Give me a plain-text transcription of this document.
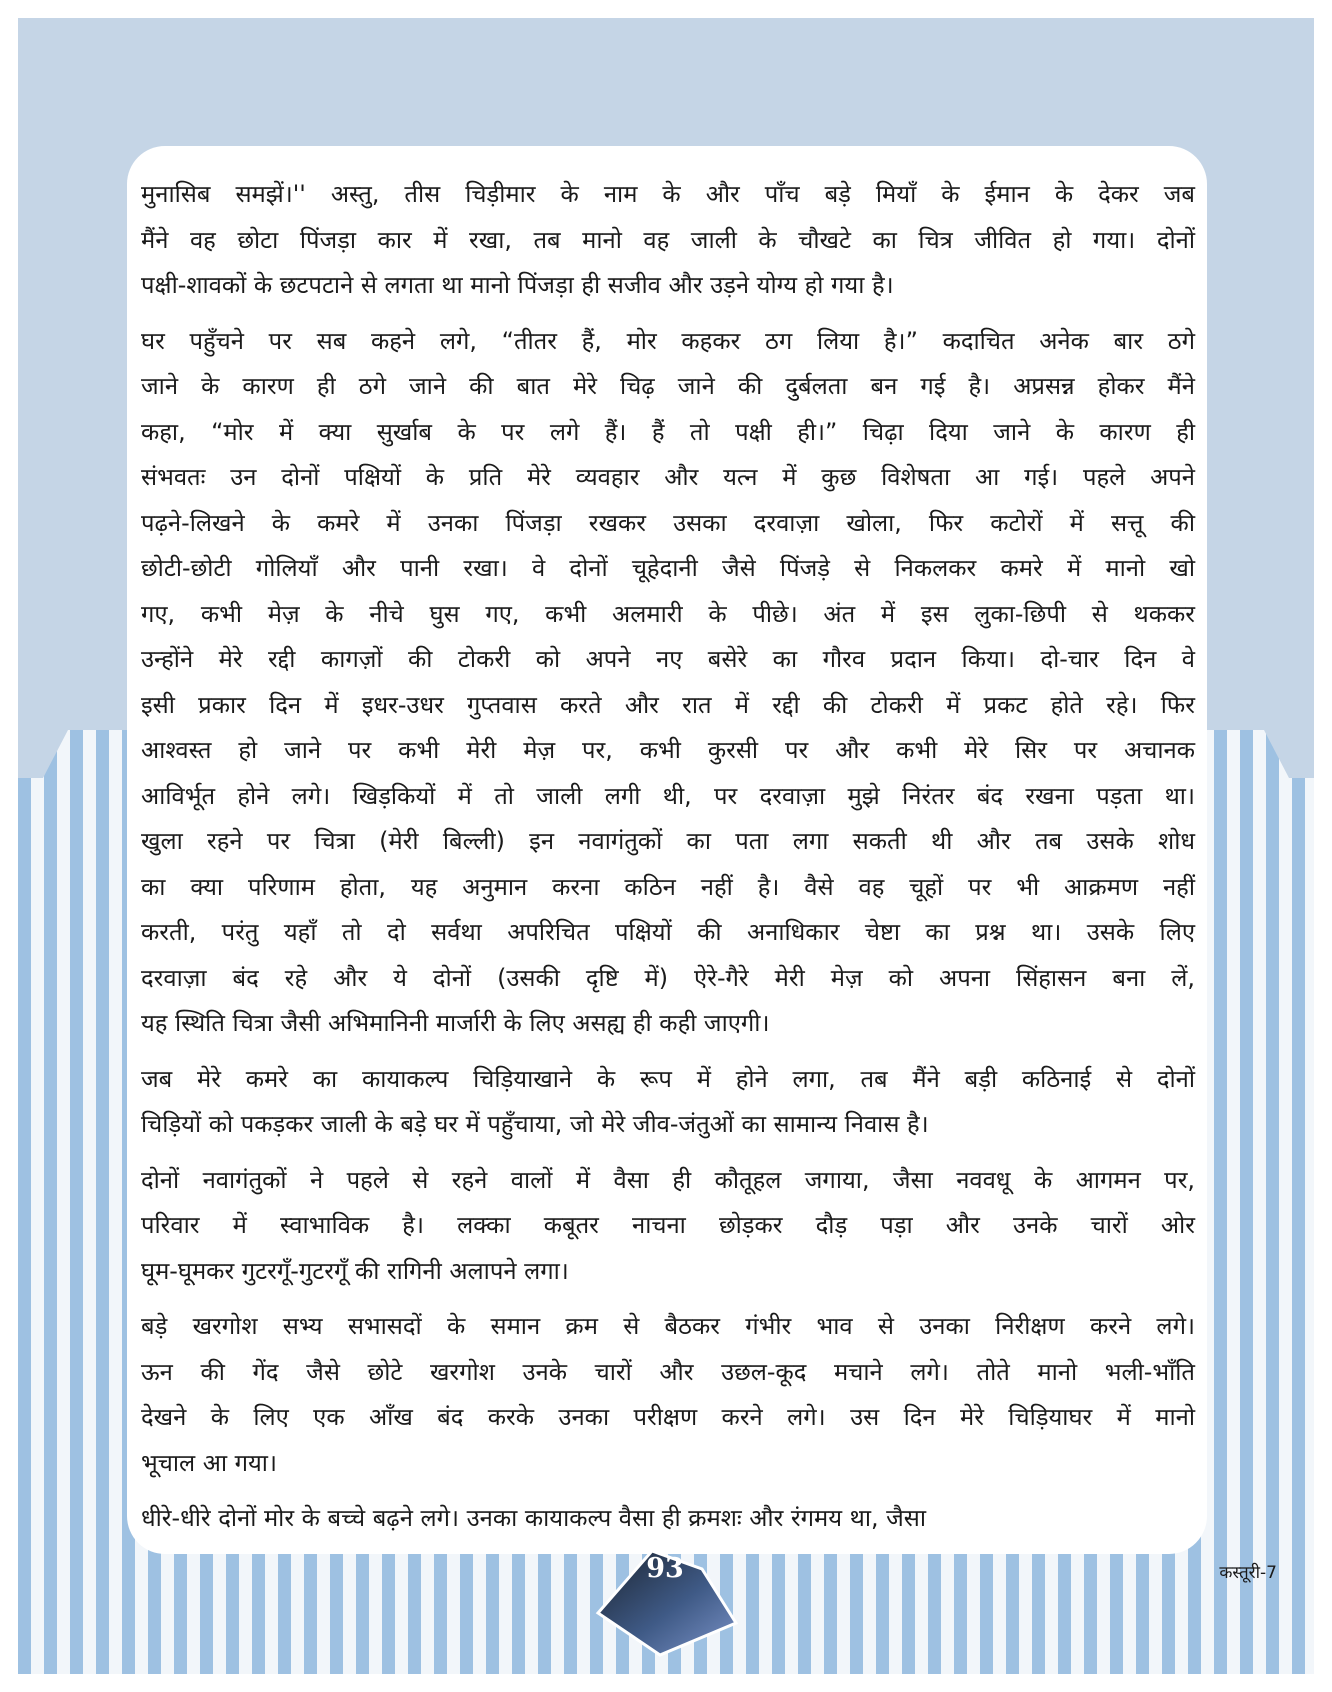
मुनासिब समझें।'' अस्तु, तीस चिड़ीमार के नाम के और पाँच बड़े मियाँ के ईमान के देकर जब
मैंने वह छोटा पिंजड़ा कार में रखा, तब मानो वह जाली के चौखटे का चित्र जीवित हो गया। दोनों
पक्षी-शावकों के छटपटाने से लगता था मानो पिंजड़ा ही सजीव और उड़ने योग्य हो गया है।

घर पहुँचने पर सब कहने लगे, “तीतर हैं, मोर कहकर ठग लिया है।” कदाचित अनेक बार ठगे
जाने के कारण ही ठगे जाने की बात मेरे चिढ़ जाने की दुर्बलता बन गई है। अप्रसन्न होकर मैंने
कहा, “मोर में क्या सुर्खाब के पर लगे हैं। हैं तो पक्षी ही।” चिढ़ा दिया जाने के कारण ही
संभवतः उन दोनों पक्षियों के प्रति मेरे व्यवहार और यत्न में कुछ विशेषता आ गई। पहले अपने
पढ़ने-लिखने के कमरे में उनका पिंजड़ा रखकर उसका दरवाज़ा खोला, फिर कटोरों में सत्तू की
छोटी-छोटी गोलियाँ और पानी रखा। वे दोनों चूहेदानी जैसे पिंजड़े से निकलकर कमरे में मानो खो
गए, कभी मेज़ के नीचे घुस गए, कभी अलमारी के पीछे। अंत में इस लुका-छिपी से थककर
उन्होंने मेरे रद्दी कागज़ों की टोकरी को अपने नए बसेरे का गौरव प्रदान किया। दो-चार दिन वे
इसी प्रकार दिन में इधर-उधर गुप्तवास करते और रात में रद्दी की टोकरी में प्रकट होते रहे। फिर
आश्वस्त हो जाने पर कभी मेरी मेज़ पर, कभी कुरसी पर और कभी मेरे सिर पर अचानक
आविर्भूत होने लगे। खिड़कियों में तो जाली लगी थी, पर दरवाज़ा मुझे निरंतर बंद रखना पड़ता था।
खुला रहने पर चित्रा (मेरी बिल्ली) इन नवागंतुकों का पता लगा सकती थी और तब उसके शोध
का क्या परिणाम होता, यह अनुमान करना कठिन नहीं है। वैसे वह चूहों पर भी आक्रमण नहीं
करती, परंतु यहाँ तो दो सर्वथा अपरिचित पक्षियों की अनाधिकार चेष्टा का प्रश्न था। उसके लिए
दरवाज़ा बंद रहे और ये दोनों (उसकी दृष्टि में) ऐरे-गैरे मेरी मेज़ को अपना सिंहासन बना लें,
यह स्थिति चित्रा जैसी अभिमानिनी मार्जारी के लिए असह्य ही कही जाएगी।

जब मेरे कमरे का कायाकल्प चिड़ियाखाने के रूप में होने लगा, तब मैंने बड़ी कठिनाई से दोनों
चिड़ियों को पकड़कर जाली के बड़े घर में पहुँचाया, जो मेरे जीव-जंतुओं का सामान्य निवास है।

दोनों नवागंतुकों ने पहले से रहने वालों में वैसा ही कौतूहल जगाया, जैसा नववधू के आगमन पर,
परिवार में स्वाभाविक है। लक्का कबूतर नाचना छोड़कर दौड़ पड़ा और उनके चारों ओर
घूम-घूमकर गुटरगूँ-गुटरगूँ की रागिनी अलापने लगा।

बड़े खरगोश सभ्य सभासदों के समान क्रम से बैठकर गंभीर भाव से उनका निरीक्षण करने लगे।
ऊन की गेंद जैसे छोटे खरगोश उनके चारों और उछल-कूद मचाने लगे। तोते मानो भली-भाँति
देखने के लिए एक आँख बंद करके उनका परीक्षण करने लगे। उस दिन मेरे चिड़ियाघर में मानो
भूचाल आ गया।

धीरे-धीरे दोनों मोर के बच्चे बढ़ने लगे। उनका कायाकल्प वैसा ही क्रमशः और रंगमय था, जैसा

93	कस्तूरी-7
